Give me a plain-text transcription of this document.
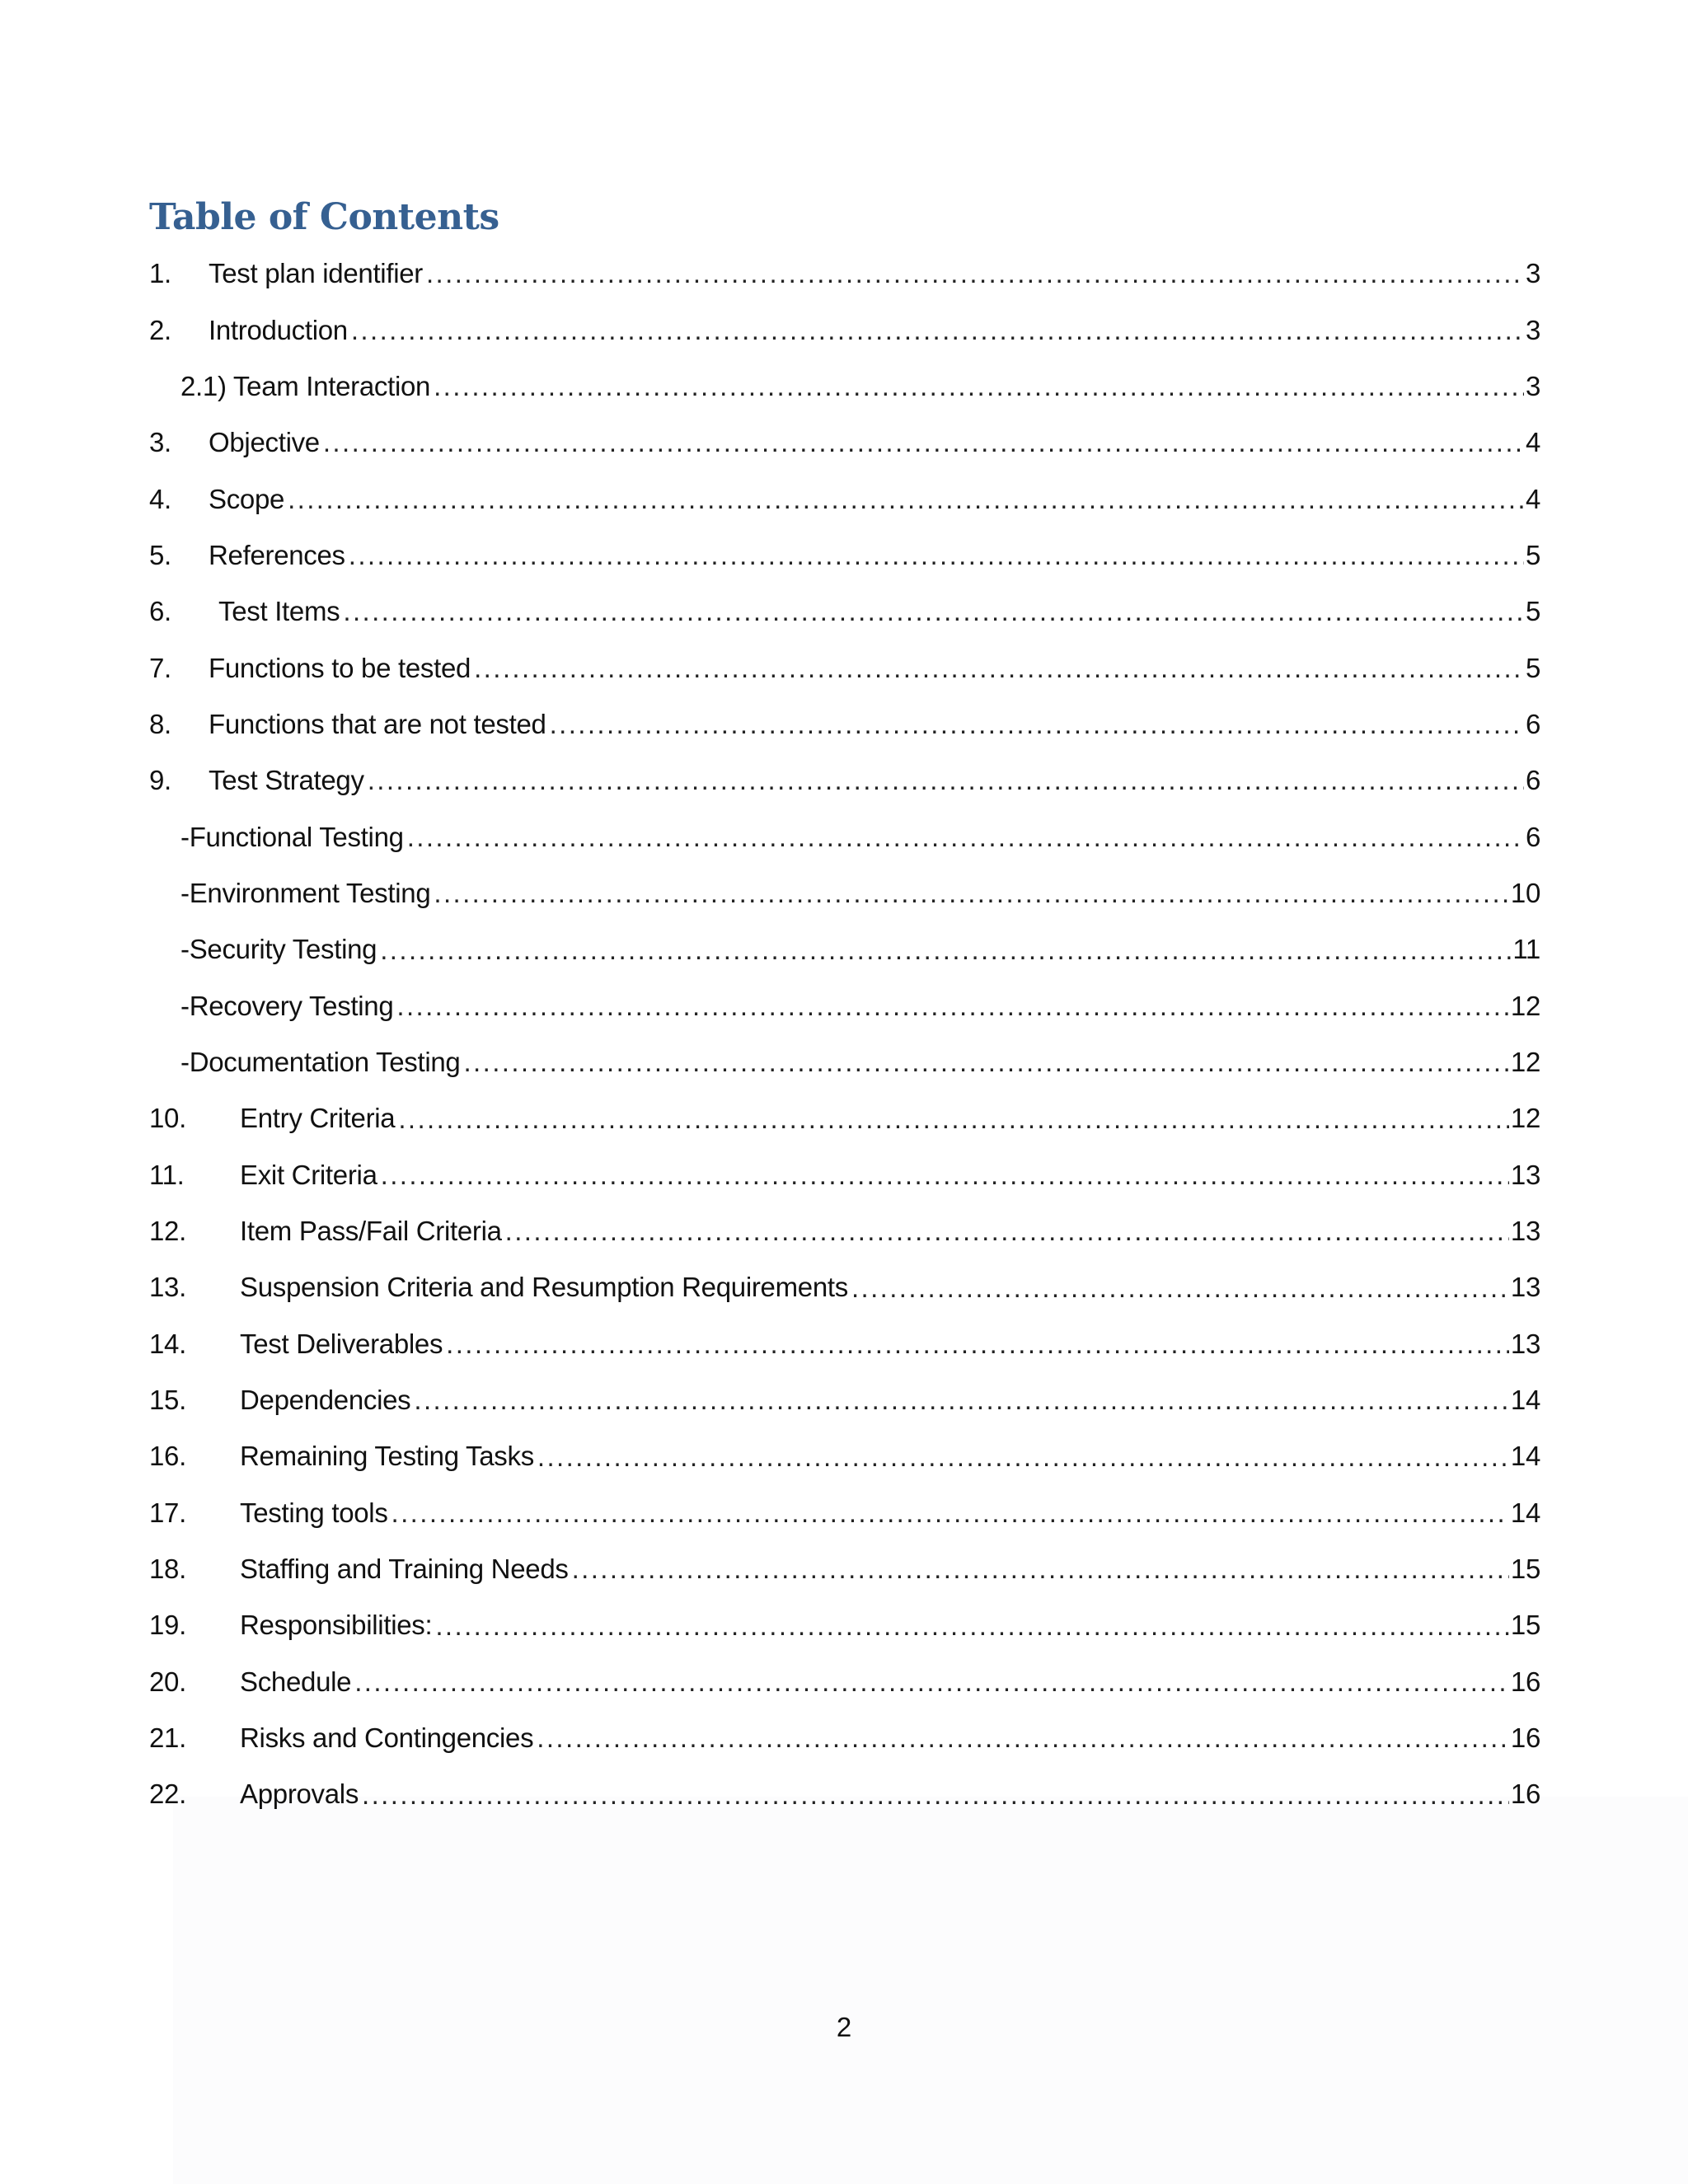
Table of Contents
1.	Test plan identifier .....	3
2.	Introduction .....	3
2.1) Team Interaction .....	3
3.	Objective .....	4
4.	Scope .....	4
5.	References .....	5
6.	Test Items .....	5
7.	Functions to be tested .....	5
8.	Functions that are not tested .....	6
9.	Test Strategy .....	6
-Functional Testing .....	6
-Environment Testing .....	10
-Security Testing .....	11
-Recovery Testing .....	12
-Documentation Testing .....	12
10.	Entry Criteria .....	12
11.	Exit Criteria .....	13
12.	Item Pass/Fail Criteria .....	13
13.	Suspension Criteria and Resumption Requirements .....	13
14.	Test Deliverables .....	13
15.	Dependencies .....	14
16.	Remaining Testing Tasks .....	14
17.	Testing tools .....	14
18.	Staffing and Training Needs .....	15
19.	Responsibilities: .....	15
20.	Schedule .....	16
21.	Risks and Contingencies .....	16
22.	Approvals .....	16
2
